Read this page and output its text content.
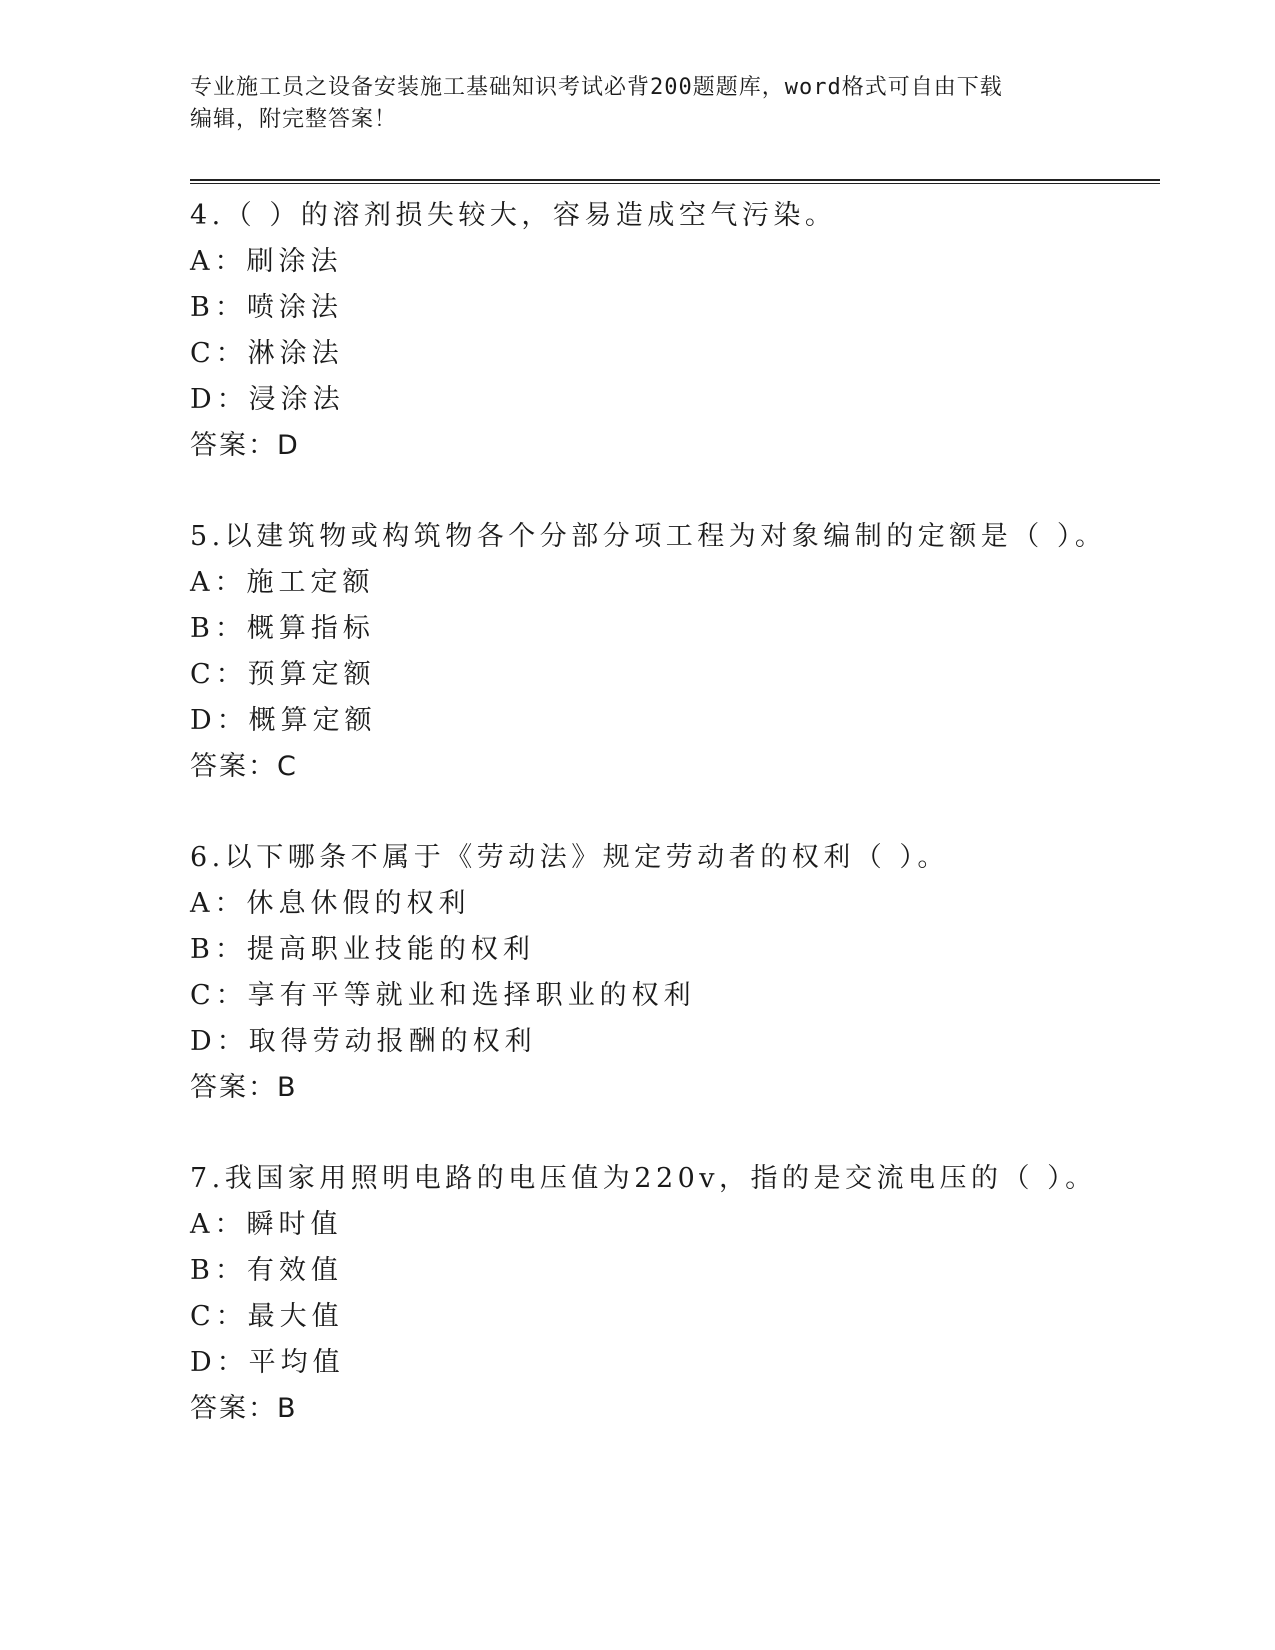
专业施工员之设备安装施工基础知识考试必背200题题库，word格式可自由下载
编辑，附完整答案！
4.（ ）的溶剂损失较大，容易造成空气污染。
A：刷涂法
B：喷涂法
C：淋涂法
D：浸涂法
答案：D
5.以建筑物或构筑物各个分部分项工程为对象编制的定额是（ ）。
A：施工定额
B：概算指标
C：预算定额
D：概算定额
答案：C
6.以下哪条不属于《劳动法》规定劳动者的权利（ ）。
A：休息休假的权利
B：提高职业技能的权利
C：享有平等就业和选择职业的权利
D：取得劳动报酬的权利
答案：B
7.我国家用照明电路的电压值为220v，指的是交流电压的（ ）。
A：瞬时值
B：有效值
C：最大值
D：平均值
答案：B
